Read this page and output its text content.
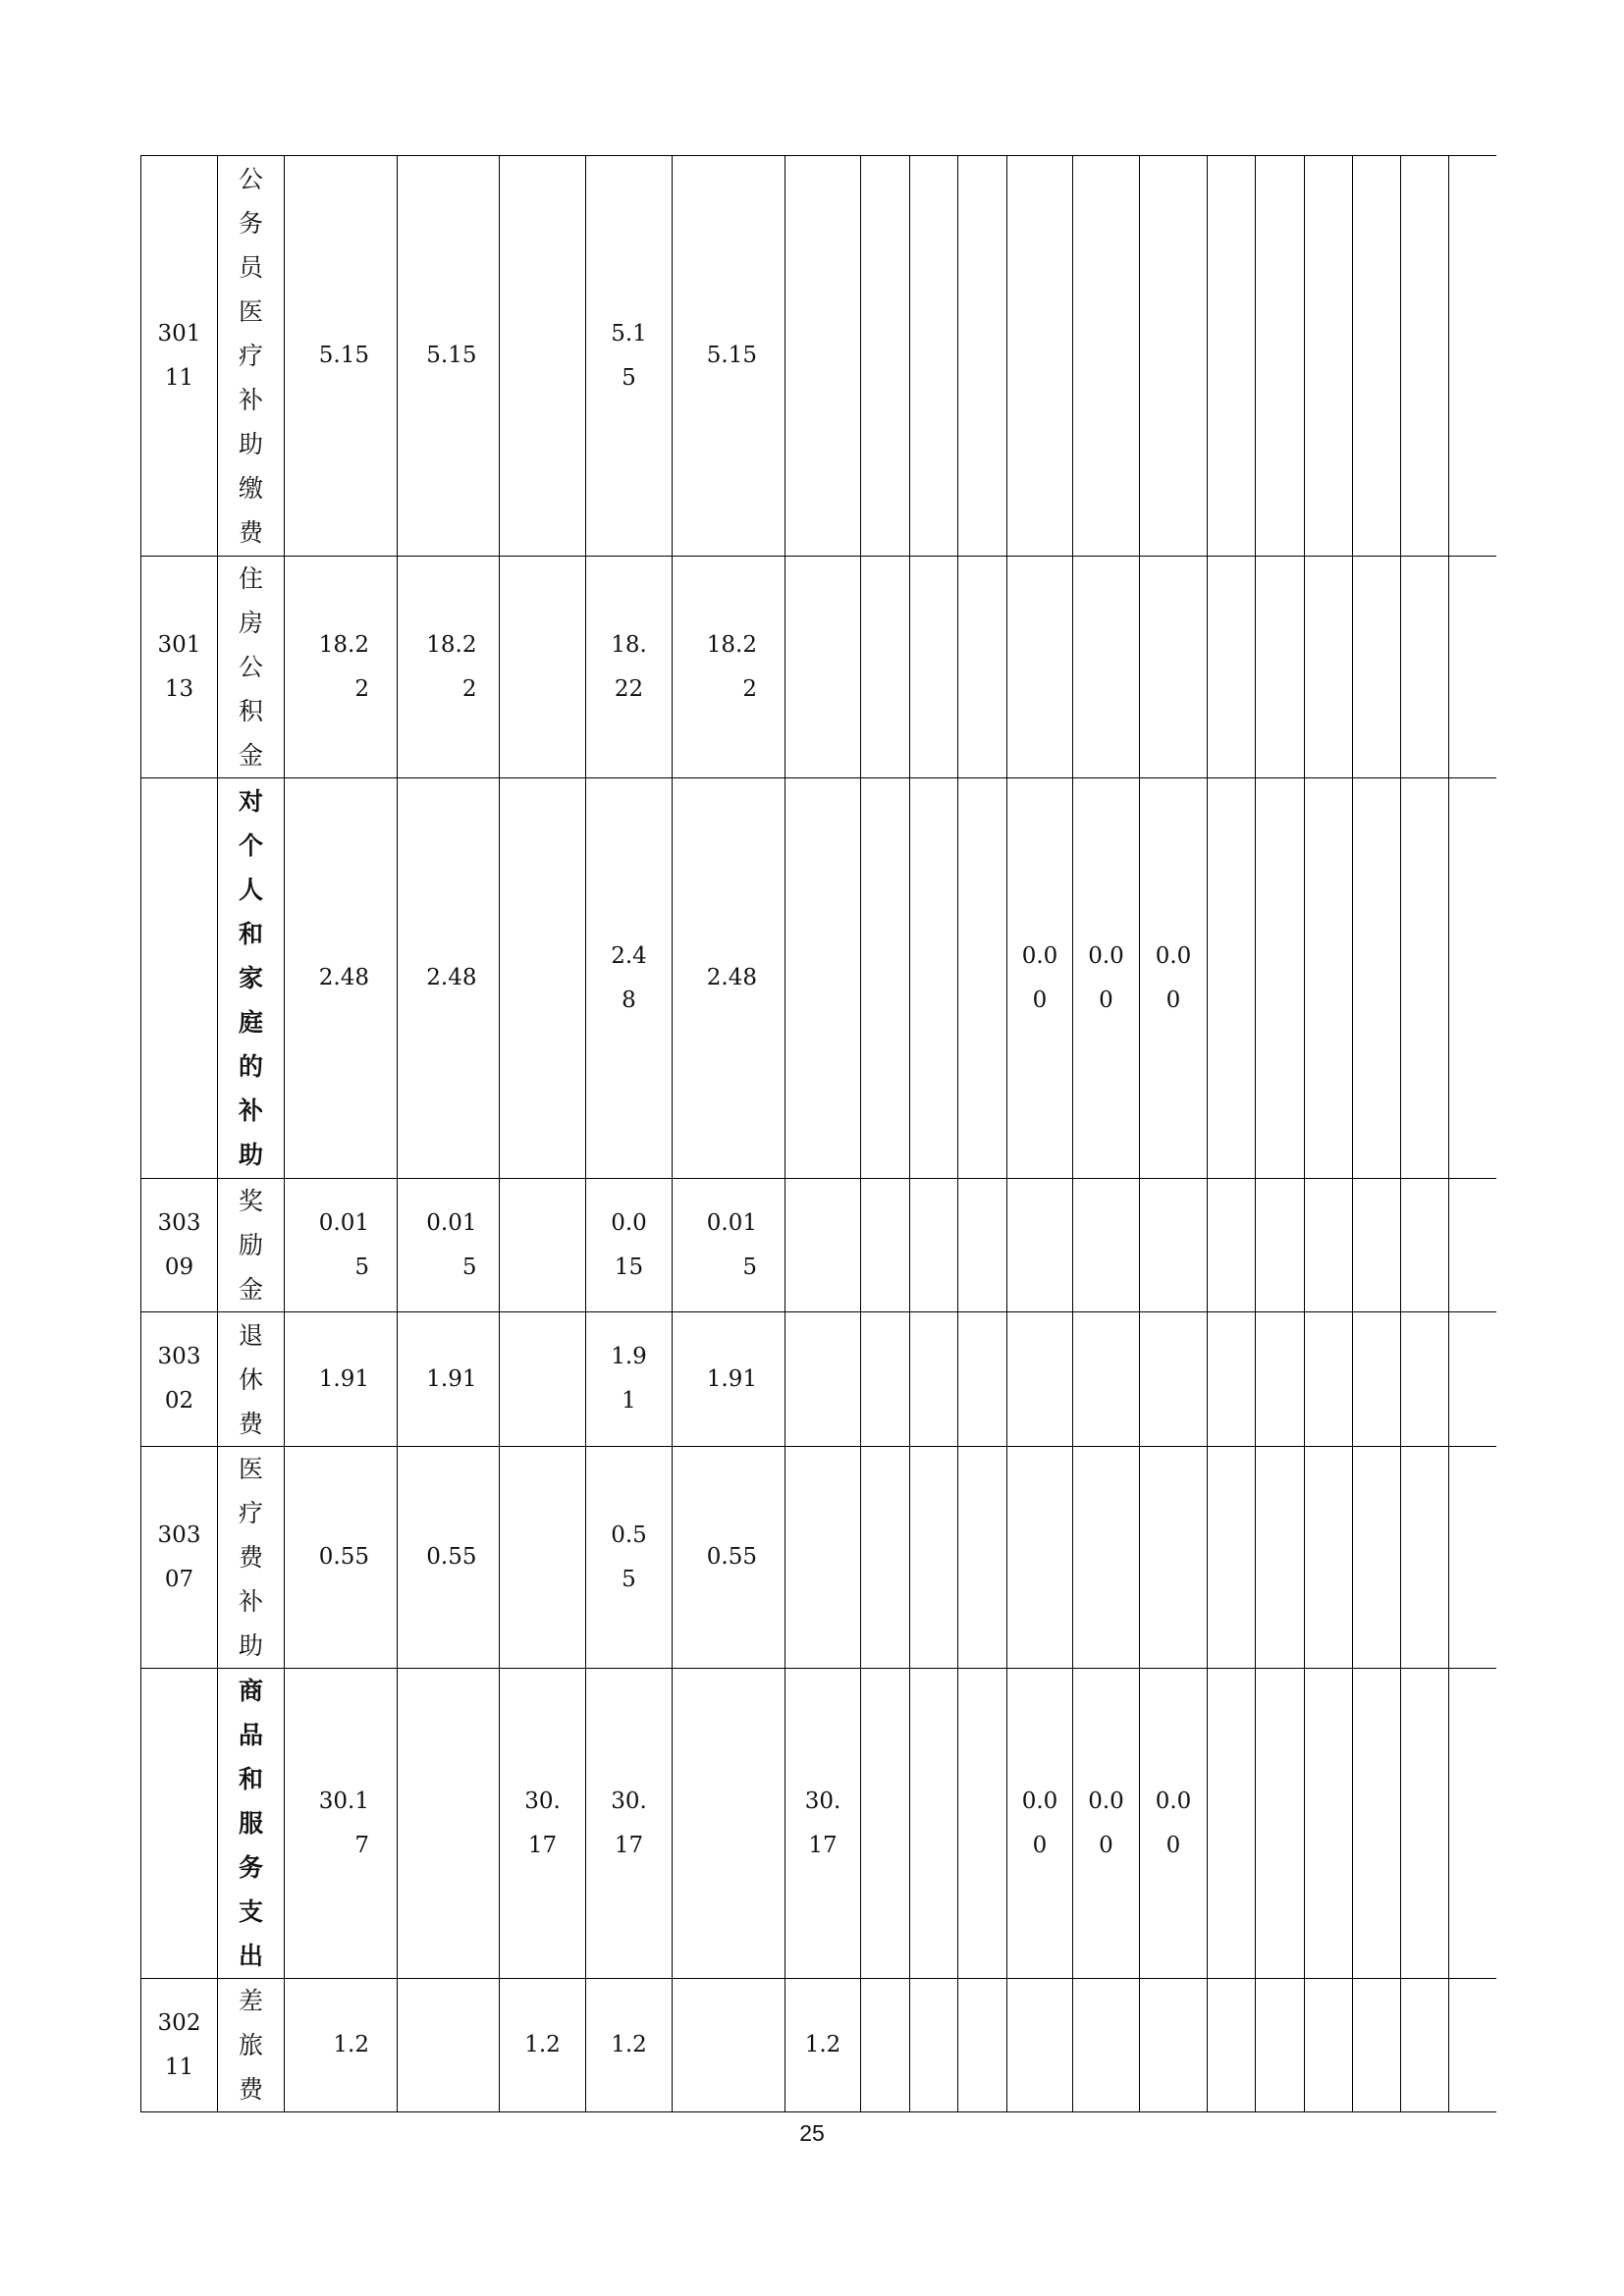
30111	公务员医疗补助缴费	5.15	5.15		5.15	5.15													

30113	住房公积金	18.22	18.22		18.22	18.22													

	对个人和家庭的补助	2.48	2.48		2.48	2.48					0.00	0.00	0.00						

30309	奖励金	0.015	0.015		0.015	0.015													

30302	退休费	1.91	1.91		1.91	1.91													

30307	医疗费补助	0.55	0.55		0.55	0.55													

	商品和服务支出	30.17		30.17	30.17		30.17				0.00	0.00	0.00						

30211	差旅费	1.2		1.2	1.2		1.2												

25
